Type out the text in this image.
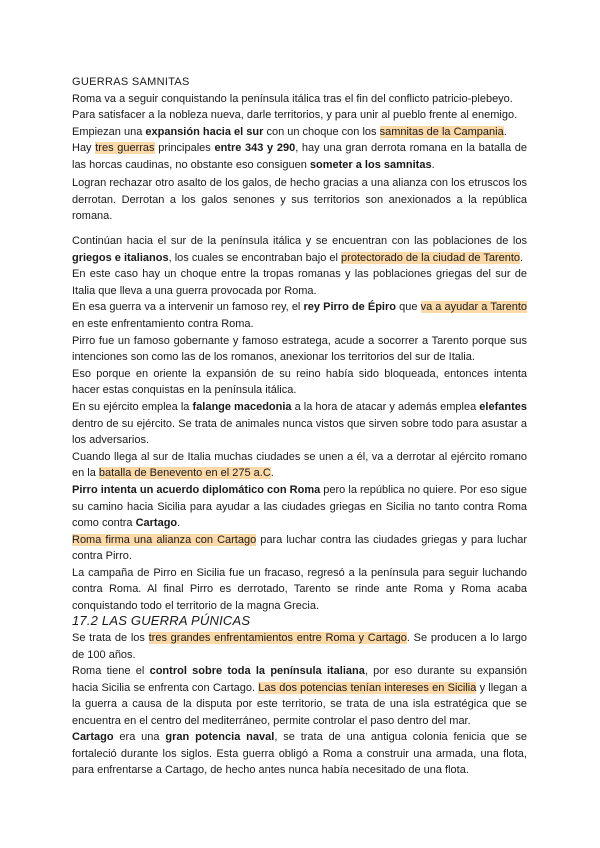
GUERRAS SAMNITAS

Roma va a seguir conquistando la península itálica tras el fin del conflicto patricio-plebeyo.

Para satisfacer a la nobleza nueva, darle territorios, y para unir al pueblo frente al enemigo.

Empiezan una expansión hacia el sur con un choque con los samnitas de la Campania.

Hay tres guerras principales entre 343 y 290, hay una gran derrota romana en la batalla de las horcas caudinas, no obstante eso consiguen someter a los samnitas.

Logran rechazar otro asalto de los galos, de hecho gracias a una alianza con los etruscos los derrotan. Derrotan a los galos senones y sus territorios son anexionados a la república romana.

Continúan hacia el sur de la península itálica y se encuentran con las poblaciones de los griegos e italianos, los cuales se encontraban bajo el protectorado de la ciudad de Tarento.

En este caso hay un choque entre la tropas romanas y las poblaciones griegas del sur de Italia que lleva a una guerra provocada por Roma.

En esa guerra va a intervenir un famoso rey, el rey Pirro de Épiro que va a ayudar a Tarento en este enfrentamiento contra Roma.

Pirro fue un famoso gobernante y famoso estratega, acude a socorrer a Tarento porque sus intenciones son como las de los romanos, anexionar los territorios del sur de Italia.

Eso porque en oriente la expansión de su reino había sido bloqueada, entonces intenta hacer estas conquistas en la península itálica.

En su ejército emplea la falange macedonia a la hora de atacar y además emplea elefantes dentro de su ejército. Se trata de animales nunca vistos que sirven sobre todo para asustar a los adversarios.

Cuando llega al sur de Italia muchas ciudades se unen a él, va a derrotar al ejército romano en la batalla de Benevento en el 275 a.C.

Pirro intenta un acuerdo diplomático con Roma pero la república no quiere. Por eso sigue su camino hacia Sicilia para ayudar a las ciudades griegas en Sicilia no tanto contra Roma como contra Cartago.

Roma firma una alianza con Cartago para luchar contra las ciudades griegas y para luchar contra Pirro.

La campaña de Pirro en Sicilia fue un fracaso, regresó a la península para seguir luchando contra Roma. Al final Pirro es derrotado, Tarento se rinde ante Roma y Roma acaba conquistando todo el territorio de la magna Grecia.

17.2 LAS GUERRA PÚNICAS

Se trata de los tres grandes enfrentamientos entre Roma y Cartago. Se producen a lo largo de 100 años.

Roma tiene el control sobre toda la península italiana, por eso durante su expansión hacia Sicilia se enfrenta con Cartago. Las dos potencias tenían intereses en Sicilia y llegan a la guerra a causa de la disputa por este territorio, se trata de una isla estratégica que se encuentra en el centro del mediterráneo, permite controlar el paso dentro del mar.

Cartago era una gran potencia naval, se trata de una antigua colonia fenicia que se fortaleció durante los siglos. Esta guerra obligó a Roma a construir una armada, una flota, para enfrentarse a Cartago, de hecho antes nunca había necesitado de una flota.
